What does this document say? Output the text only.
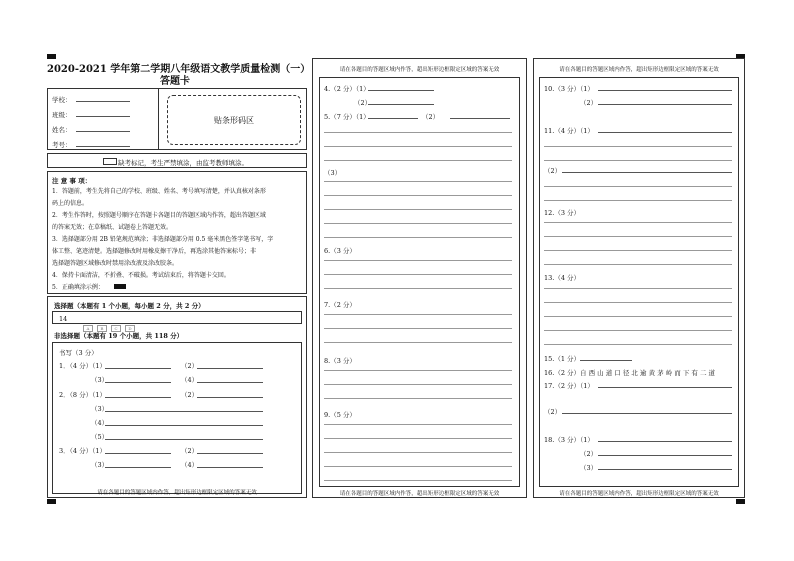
2020-2021 学年第二学期八年级语文教学质量检测（一）
答题卡
学校：
班级：
姓名：
考号：
贴条形码区
缺考标记，考生严禁填涂，由监考教师填涂。
注 意 事 项：
1．答题前，考生先将自己的学校、班级、姓名、考号填写清楚，并认真核对条形
码上的信息。
2．考生作答时，按照题号顺序在答题卡各题目的答题区域内作答，超出答题区域
的答案无效；在草稿纸、试题卷上答题无效。
3．选择题部分用 2B 铅笔规范填涂；非选择题部分用 0.5 毫米黑色签字笔书写，字
体工整、笔迹清楚。选择题修改时用橡皮擦干净后，再选涂其他答案标号；非
选择题答题区域修改时禁用涂改液及涂改胶条。
4．保持卡面清洁，不折叠、不破损。考试结束后，将答题卡交回。
5．正确填涂示例：
选择题（本题有 1 个小题，每小题 2 分，共 2 分）
14
A	B	C	D
非选择题（本题有 19 个小题，共 118 分）
书写（3 分）
1．（4 分）（1）	（2）
（3）	（4）
2．（8 分）（1）	（2）
（3）
（4）
（5）
3．（4 分）（1）	（2）
（3）	（4）
请在各题目的答题区域内作答，超出矩形边框限定区域的答案无效
请在各题目的答题区域内作答，超出矩形边框限定区域的答案无效
4.（2 分）（1）
（2）
5.（7 分）（1）	（2）
（3）
6.（3 分）
7.（2 分）
8.（3 分）
9.（5 分）
请在各题目的答题区域内作答，超出矩形边框限定区域的答案无效
请在各题目的答题区域内作答，超出矩形边框限定区域的答案无效
10.（3 分）（1）
（2）
11.（4 分）（1）
（2）
12.（3 分）
13.（4 分）
15.（1 分）
16.（2 分）自 西 山 道 口 径 北 逾 黄 茅 岭 而 下 有 二 道
17.（2 分）（1）
（2）
18.（3 分）（1）
（2）
（3）
请在各题目的答题区域内作答，超出矩形边框限定区域的答案无效
